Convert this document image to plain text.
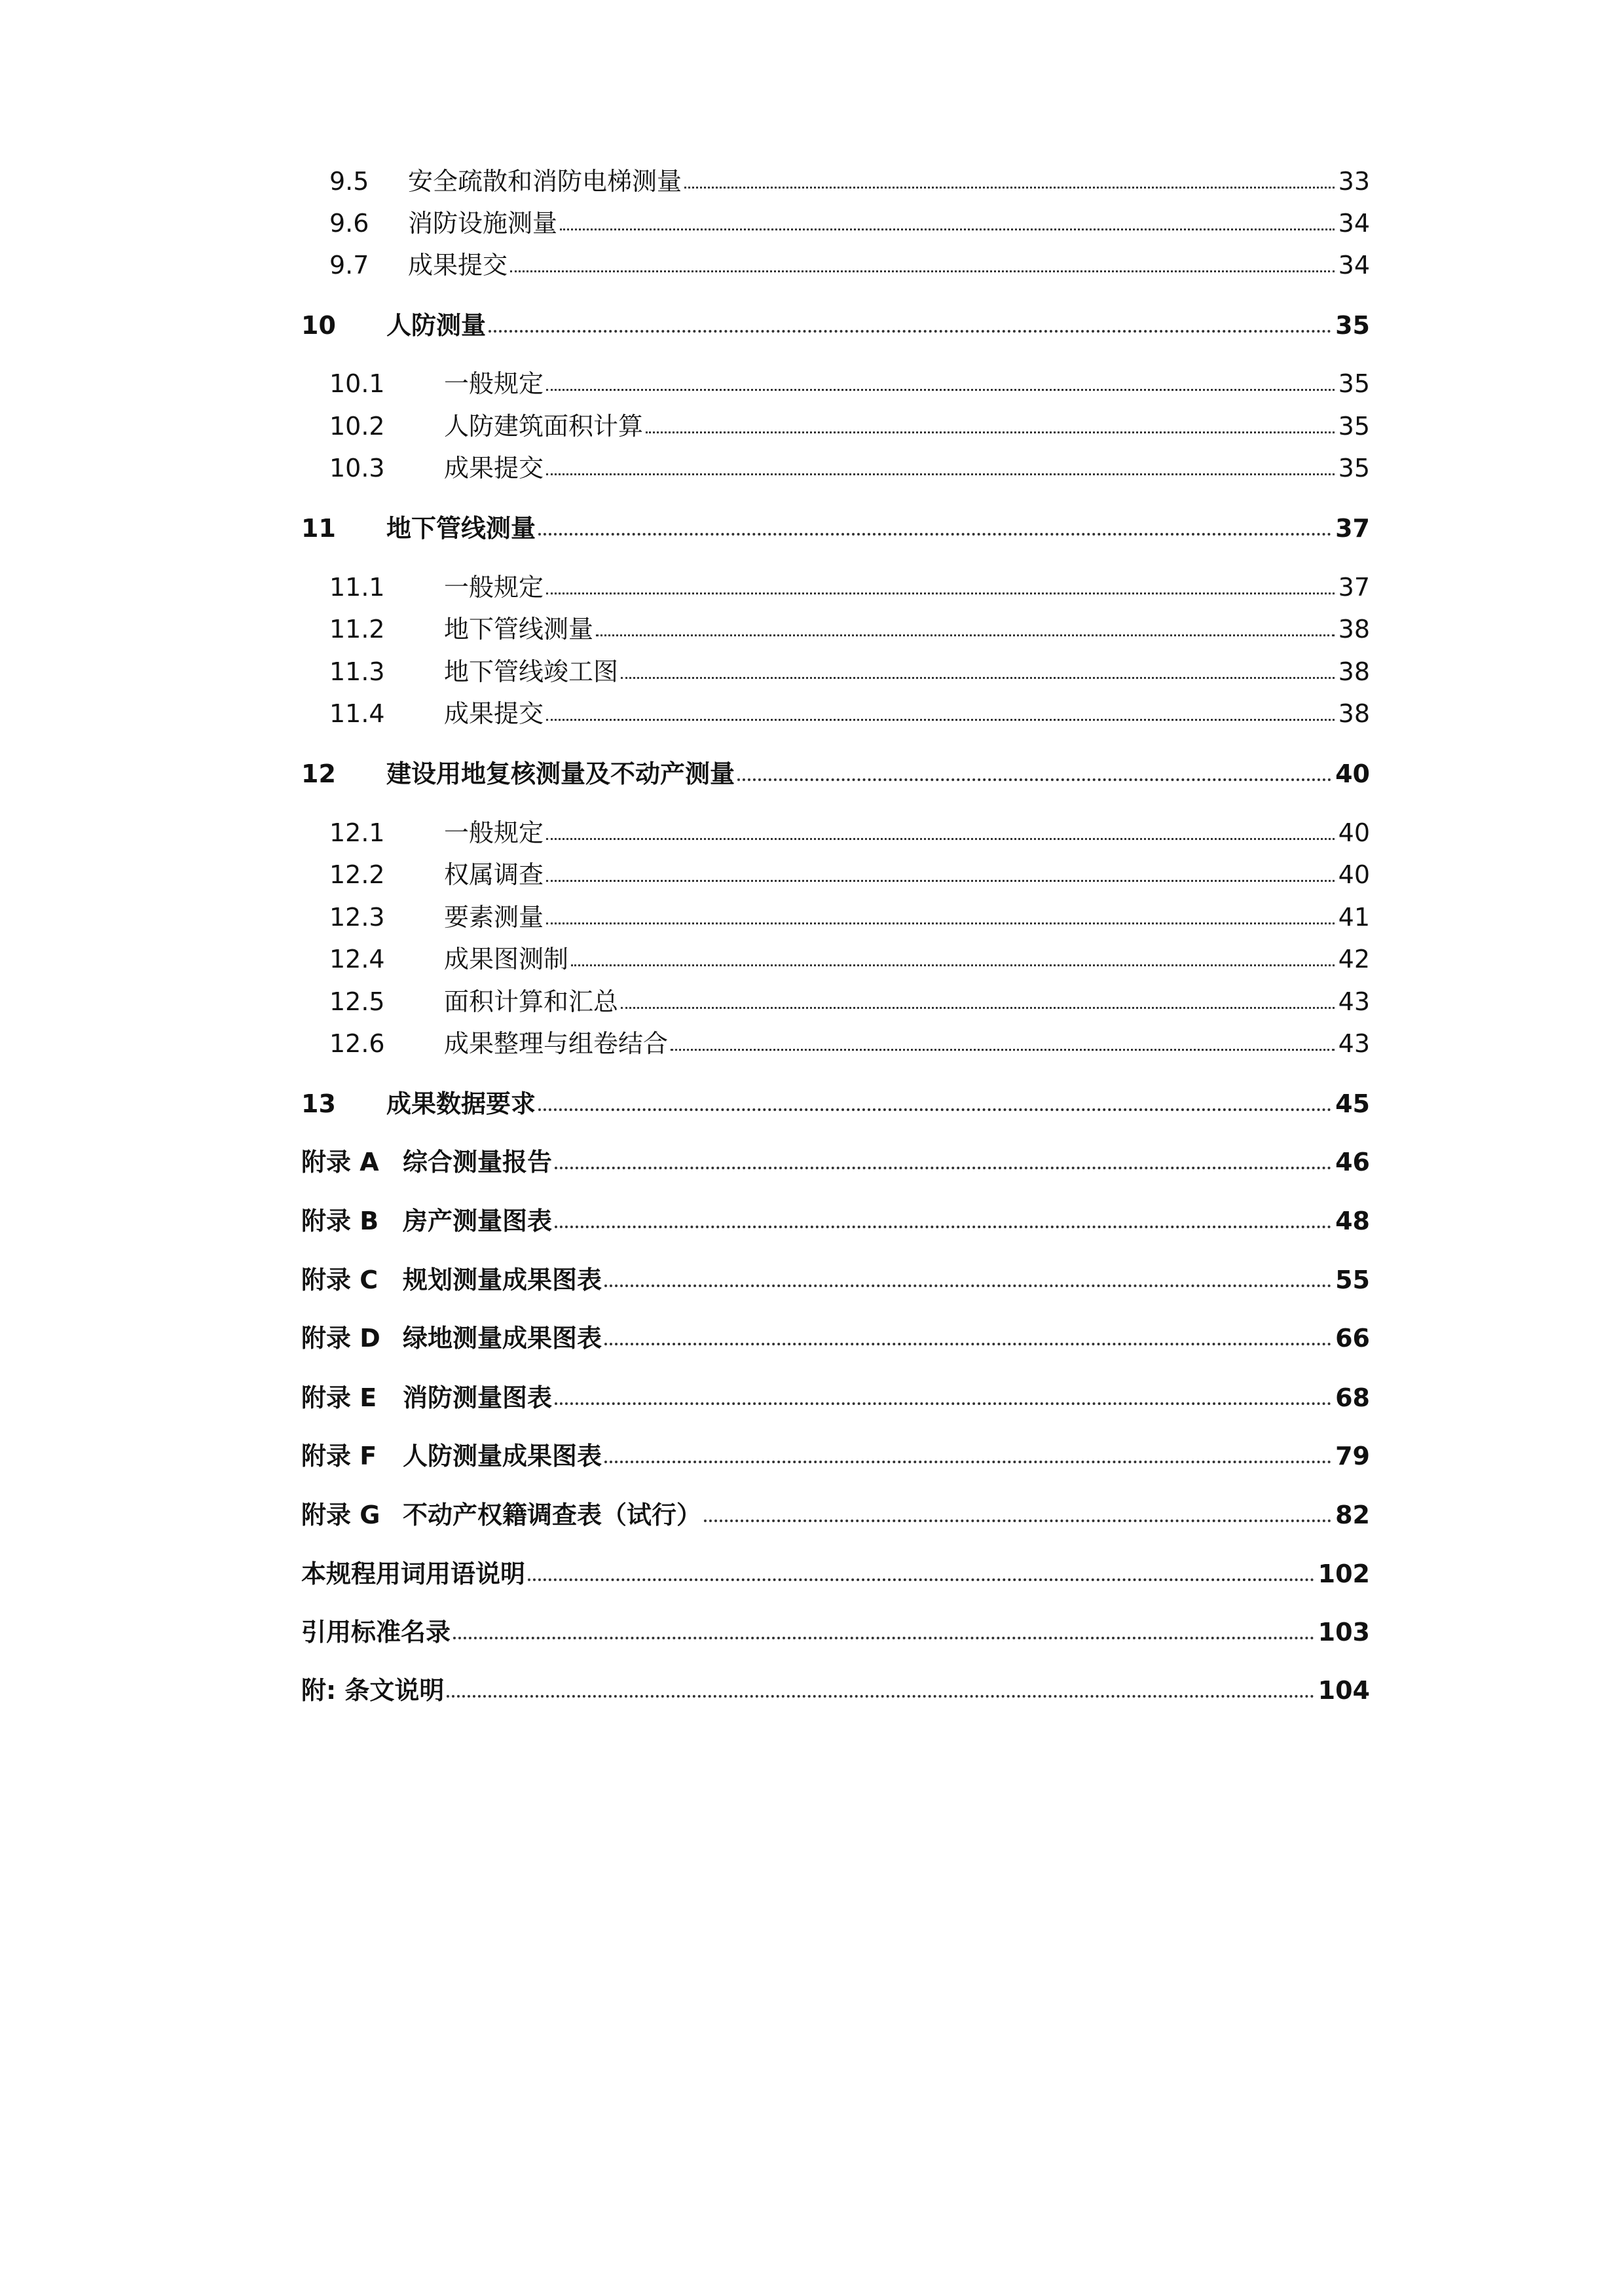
9.5	安全疏散和消防电梯测量	33
9.6	消防设施测量	34
9.7	成果提交	34
10	人防测量	35
10.1	一般规定	35
10.2	人防建筑面积计算	35
10.3	成果提交	35
11	地下管线测量	37
11.1	一般规定	37
11.2	地下管线测量	38
11.3	地下管线竣工图	38
11.4	成果提交	38
12	建设用地复核测量及不动产测量	40
12.1	一般规定	40
12.2	权属调查	40
12.3	要素测量	41
12.4	成果图测制	42
12.5	面积计算和汇总	43
12.6	成果整理与组卷结合	43
13	成果数据要求	45
附录 A 综合测量报告	46
附录 B 房产测量图表	48
附录 C 规划测量成果图表	55
附录 D 绿地测量成果图表	66
附录 E	消防测量图表	68
附录 F	人防测量成果图表	79
附录 G 不动产权籍调查表（试行）	82
本规程用词用语说明	102
引用标准名录	103
附: 条文说明	104
